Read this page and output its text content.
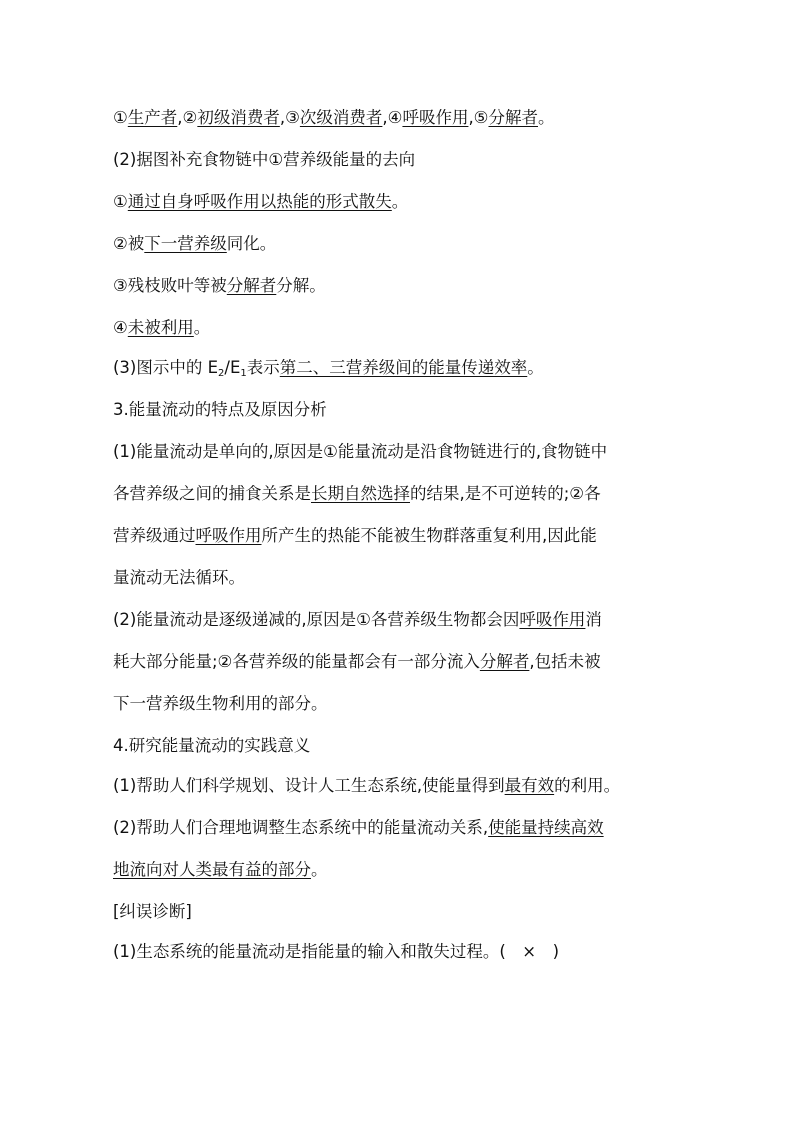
①生产者,②初级消费者,③次级消费者,④呼吸作用,⑤分解者。
(2)据图补充食物链中①营养级能量的去向
①通过自身呼吸作用以热能的形式散失。
②被下一营养级同化。
③残枝败叶等被分解者分解。
④未被利用。
(3)图示中的 $E_2/E_1$表示第二、三营养级间的能量传递效率。
3.能量流动的特点及原因分析
(1)能量流动是单向的,原因是①能量流动是沿食物链进行的,食物链中
各营养级之间的捕食关系是长期自然选择的结果,是不可逆转的;②各
营养级通过呼吸作用所产生的热能不能被生物群落重复利用,因此能
量流动无法循环。
(2)能量流动是逐级递减的,原因是①各营养级生物都会因呼吸作用消
耗大部分能量;②各营养级的能量都会有一部分流入分解者,包括未被
下一营养级生物利用的部分。
4.研究能量流动的实践意义
(1)帮助人们科学规划、设计人工生态系统,使能量得到最有效的利用。
(2)帮助人们合理地调整生态系统中的能量流动关系,使能量持续高效
地流向对人类最有益的部分。
[纠误诊断]
(1)生态系统的能量流动是指能量的输入和散失过程。(　×　)
